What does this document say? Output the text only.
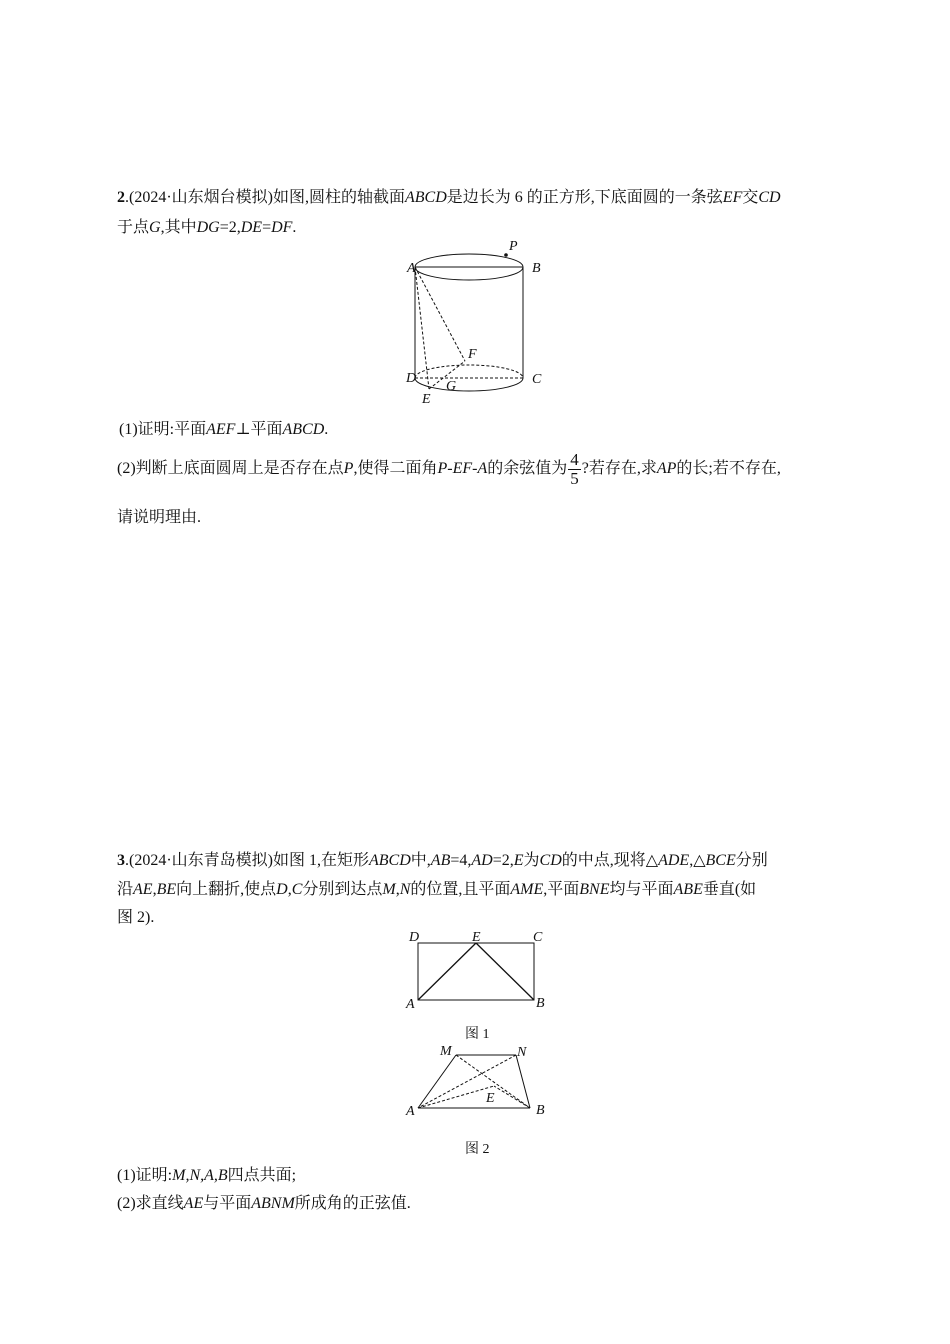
2.(2024·山东烟台模拟)如图,圆柱的轴截面ABCD是边长为 6 的正方形,下底面圆的一条弦EF交CD
于点G,其中DG=2,DE=DF.
P
A	B
F
D	C
G
E
(1)证明:平面AEF⊥平面ABCD.
(2)判断上底面圆周上是否存在点P,使得二面角P-EF-A的余弦值为 $\frac{4}{5}$ ?若存在,求AP的长;若不存在,
请说明理由.
3.(2024·山东青岛模拟)如图 1,在矩形ABCD中,AB=4,AD=2,E为CD的中点,现将△ADE,△BCE分别
沿AE,BE向上翻折,使点D,C分别到达点M,N的位置,且平面AME,平面BNE均与平面ABE垂直(如
图 2).
D	E	C
A	B
图 1
M	N
E
A	B
图 2
(1)证明:M,N,A,B四点共面;
(2)求直线AE与平面ABNM所成角的正弦值.
